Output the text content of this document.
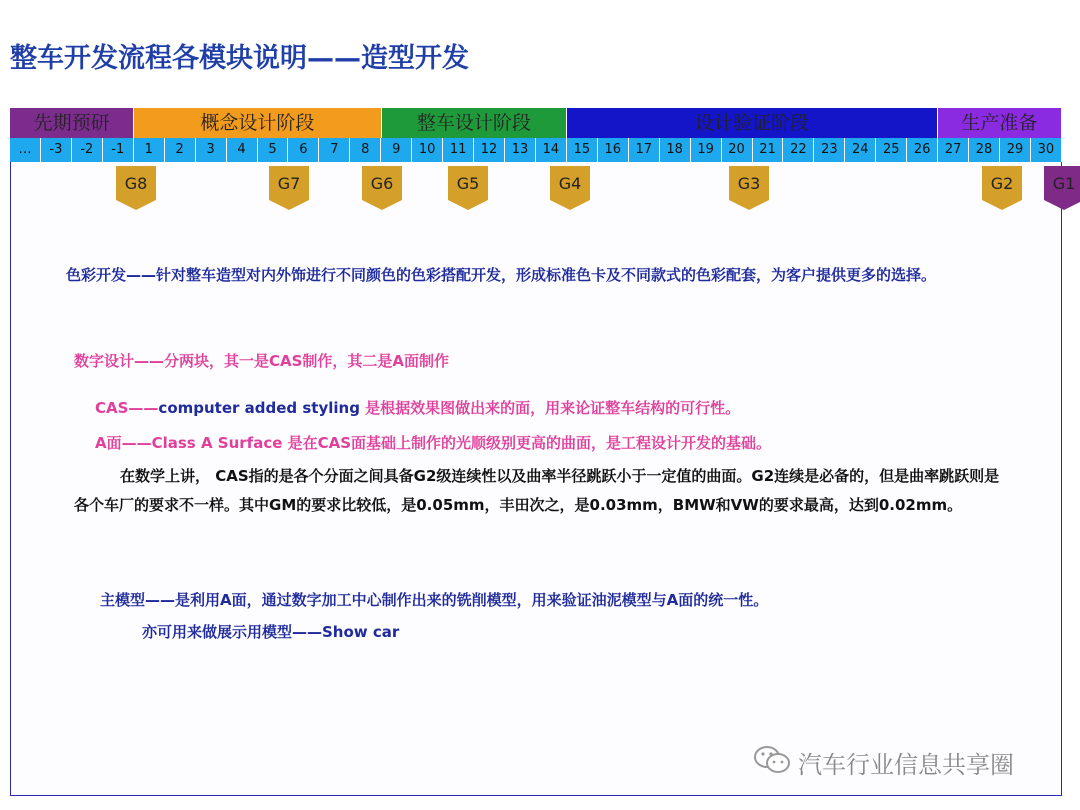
整车开发流程各模块说明——造型开发
先期预研	概念设计阶段	整车设计阶段	设计验证阶段	生产准备
…	-3	-2	-1	1	2	3	4	5	6	7	8	9	10	11	12	13	14	15	16	17	18	19	20	21	22	23	24	25	26	27	28	29	30
G8	G7	G6	G5	G4	G3	G2	G1
色彩开发——针对整车造型对内外饰进行不同颜色的色彩搭配开发，形成标准色卡及不同款式的色彩配套，为客户提供更多的选择。
数字设计——分两块，其一是CAS制作，其二是A面制作
CAS——computer added styling 是根据效果图做出来的面，用来论证整车结构的可行性。
A面——Class A Surface 是在CAS面基础上制作的光顺级别更高的曲面，是工程设计开发的基础。
在数学上讲， CAS指的是各个分面之间具备G2级连续性以及曲率半径跳跃小于一定值的曲面。G2连续是必备的，但是曲率跳跃则是各个车厂的要求不一样。其中GM的要求比较低，是0.05mm，丰田次之，是0.03mm，BMW和VW的要求最高，达到0.02mm。
主模型——是利用A面，通过数字加工中心制作出来的铣削模型，用来验证油泥模型与A面的统一性。
亦可用来做展示用模型——Show car
汽车行业信息共享圈
